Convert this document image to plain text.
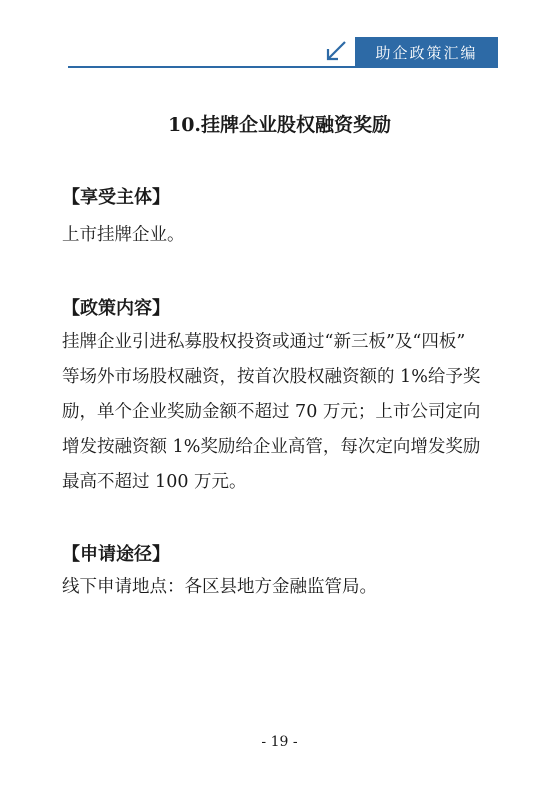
助企政策汇编
10.挂牌企业股权融资奖励
【享受主体】
上市挂牌企业。
【政策内容】
挂牌企业引进私募股权投资或通过“新三板”及“四板”
等场外市场股权融资，按首次股权融资额的 1%给予奖
励，单个企业奖励金额不超过 70 万元；上市公司定向
增发按融资额 1%奖励给企业高管，每次定向增发奖励
最高不超过 100 万元。
【申请途径】
线下申请地点：各区县地方金融监管局。
- 19 -
